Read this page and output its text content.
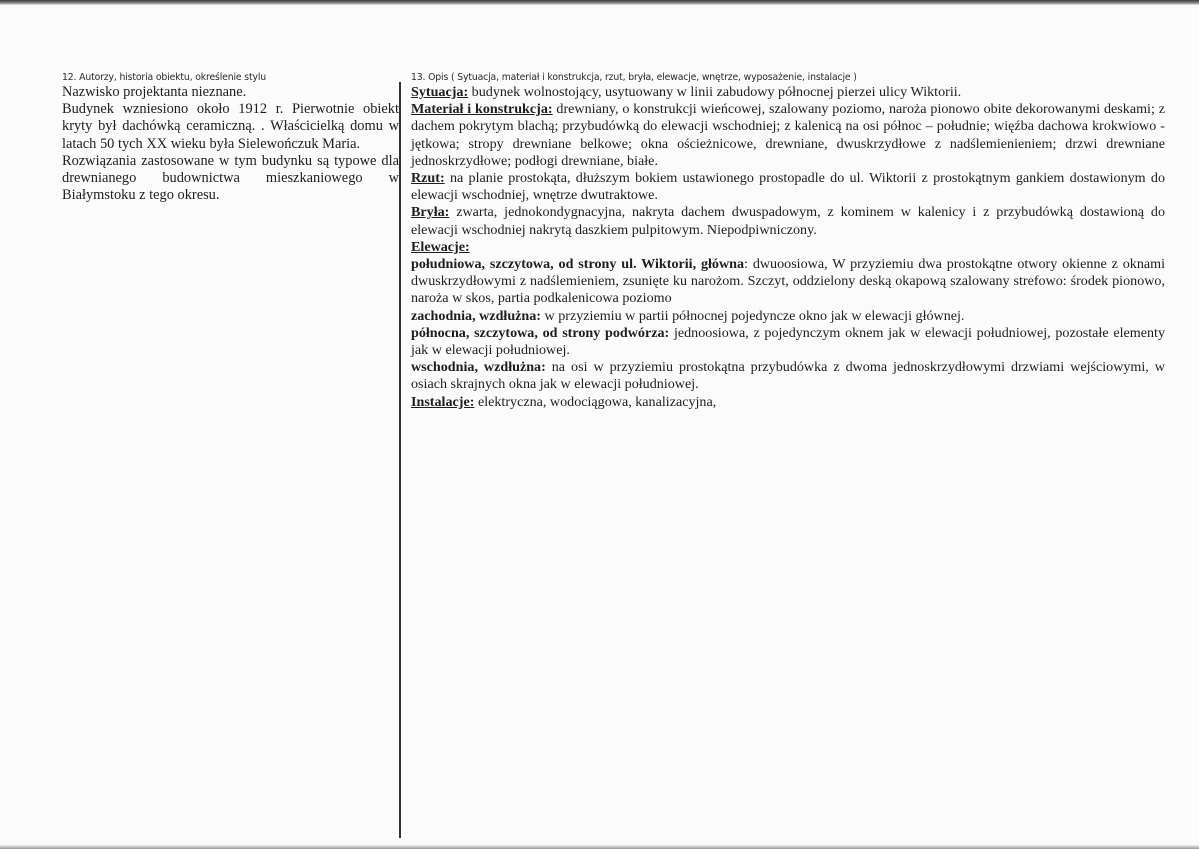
12. Autorzy, historia obiektu, określenie stylu

Nazwisko projektanta nieznane.

Budynek wzniesiono około 1912 r. Pierwotnie obiekt kryty był dachówką ceramiczną. . Właścicielką domu w latach 50 tych XX wieku była Sielewończuk Maria.

Rozwiązania zastosowane w tym budynku są typowe dla drewnianego budownictwa mieszkaniowego w Białymstoku z tego okresu.

13. Opis ( Sytuacja, materiał i konstrukcja, rzut, bryła, elewacje, wnętrze, wyposażenie, instalacje )

Sytuacja: budynek wolnostojący, usytuowany w linii zabudowy północnej pierzei ulicy Wiktorii.

Materiał i konstrukcja: drewniany, o konstrukcji wieńcowej, szalowany poziomo, naroża pionowo obite dekorowanymi deskami; z dachem pokrytym blachą; przybudówką do elewacji wschodniej; z kalenicą na osi północ – południe; więźba dachowa krokwiowo - jętkowa; stropy drewniane belkowe; okna ościeżnicowe, drewniane, dwuskrzydłowe z nadślemienieniem; drzwi drewniane jednoskrzydłowe; podłogi drewniane, białe.

Rzut: na planie prostokąta, dłuższym bokiem ustawionego prostopadle do ul. Wiktorii z prostokątnym gankiem dostawionym do elewacji wschodniej, wnętrze dwutraktowe.

Bryła: zwarta, jednokondygnacyjna, nakryta dachem dwuspadowym, z kominem w kalenicy i z przybudówką dostawioną do elewacji wschodniej nakrytą daszkiem pulpitowym. Niepodpiwniczony.

Elewacje:

południowa, szczytowa, od strony ul. Wiktorii, główna: dwuoosiowa, W przyziemiu dwa prostokątne otwory okienne z oknami dwuskrzydłowymi z nadślemieniem, zsunięte ku narożom. Szczyt, oddzielony deską okapową szalowany strefowo: środek pionowo, naroża w skos, partia podkalenicowa poziomo

zachodnia, wzdłużna: w przyziemiu w partii północnej pojedyncze okno jak w elewacji głównej.

północna, szczytowa, od strony podwórza: jednoosiowa, z pojedynczym oknem jak w elewacji południowej, pozostałe elementy jak w elewacji południowej.

wschodnia, wzdłużna: na osi w przyziemiu prostokątna przybudówka z dwoma jednoskrzydłowymi drzwiami wejściowymi, w osiach skrajnych okna jak w elewacji południowej.

Instalacje: elektryczna, wodociągowa, kanalizacyjna,
